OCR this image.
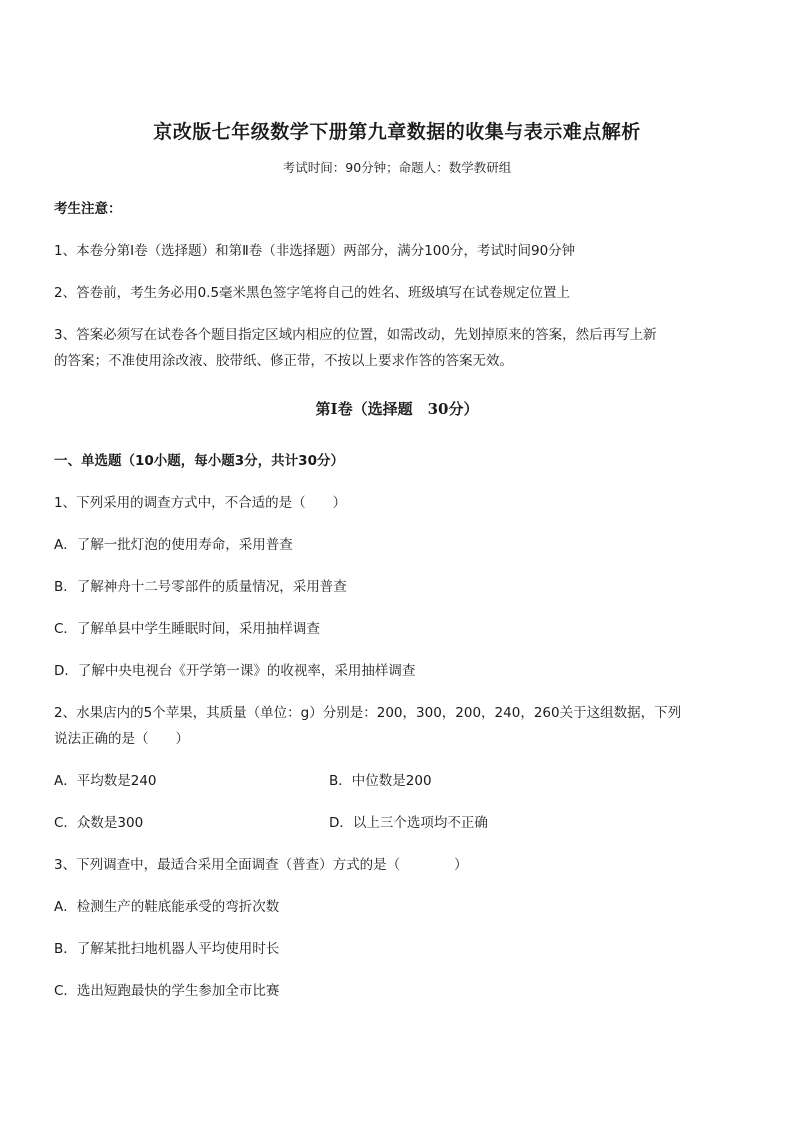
京改版七年级数学下册第九章数据的收集与表示难点解析
考试时间：90分钟；命题人：数学教研组
考生注意：
1、本卷分第Ⅰ卷（选择题）和第Ⅱ卷（非选择题）两部分，满分100分，考试时间90分钟
2、答卷前，考生务必用0.5毫米黑色签字笔将自己的姓名、班级填写在试卷规定位置上
3、答案必须写在试卷各个题目指定区域内相应的位置，如需改动，先划掉原来的答案，然后再写上新
的答案；不准使用涂改液、胶带纸、修正带，不按以上要求作答的答案无效。
第Ⅰ卷（选择题　30分）
一、单选题（10小题，每小题3分，共计30分）
1、下列采用的调查方式中，不合适的是（　　）
A．了解一批灯泡的使用寿命，采用普查
B．了解神舟十二号零部件的质量情况，采用普查
C．了解单县中学生睡眠时间，采用抽样调查
D．了解中央电视台《开学第一课》的收视率，采用抽样调查
2、水果店内的5个苹果，其质量（单位：g）分别是：200，300，200，240，260关于这组数据，下列
说法正确的是（　　）
A．平均数是240	B．中位数是200
C．众数是300	D．以上三个选项均不正确
3、下列调查中，最适合采用全面调查（普查）方式的是（　　　　）
A．检测生产的鞋底能承受的弯折次数
B．了解某批扫地机器人平均使用时长
C．选出短跑最快的学生参加全市比赛
